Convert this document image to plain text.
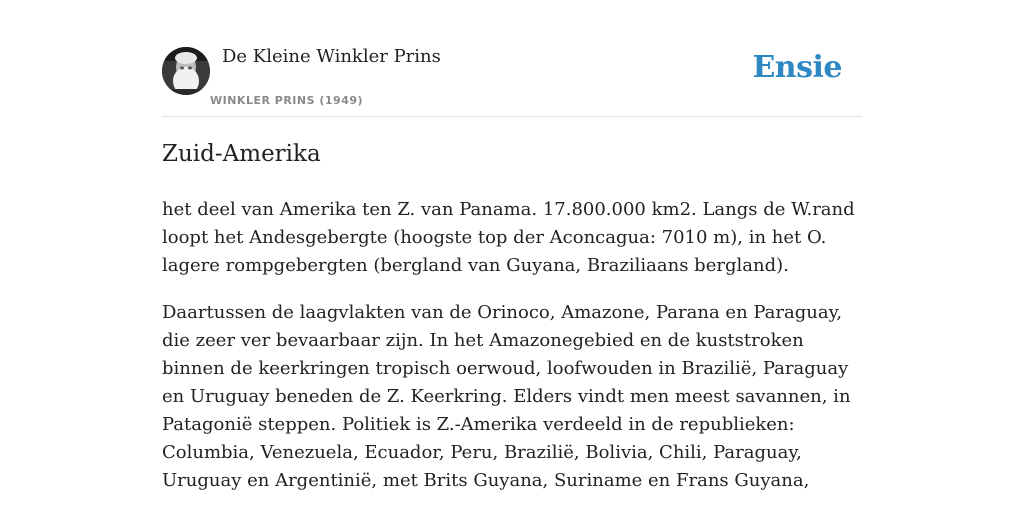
De Kleine Winkler Prins
WINKLER PRINS (1949)
Ensie
Zuid-Amerika

het deel van Amerika ten Z. van Panama. 17.800.000 km2. Langs de W.rand loopt het Andesgebergte (hoogste top der Aconcagua: 7010 m), in het O. lagere rompgebergten (bergland van Guyana, Braziliaans bergland).

Daartussen de laagvlakten van de Orinoco, Amazone, Parana en Paraguay, die zeer ver bevaarbaar zijn. In het Amazonegebied en de kuststroken binnen de keerkringen tropisch oerwoud, loofwouden in Brazilië, Paraguay en Uruguay beneden de Z. Keerkring. Elders vindt men meest savannen, in Patagonië steppen. Politiek is Z.-Amerika verdeeld in de republieken: Columbia, Venezuela, Ecuador, Peru, Brazilië, Bolivia, Chili, Paraguay, Uruguay en Argentinië, met Brits Guyana, Suriname en Frans Guyana,
